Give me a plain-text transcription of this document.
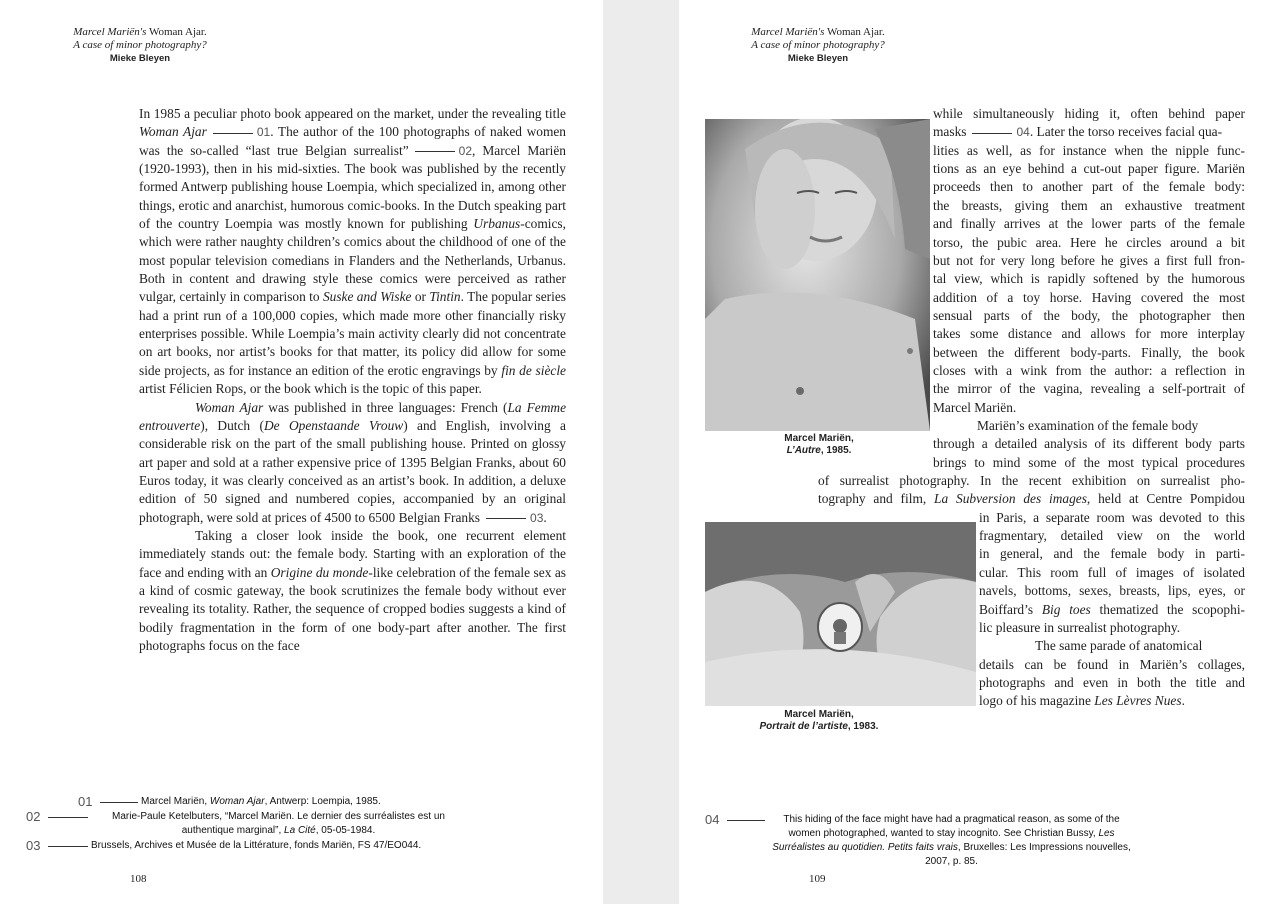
Marcel Mariën's Woman Ajar.
A case of minor photography?
Mieke Bleyen

In 1985 a peculiar photo book appeared on the market, under the revealing title Woman Ajar	01. The author of the 100 photographs of naked women was the so-called “last true Belgian surrealist”	02, Marcel Mariën (1920-1993), then in his mid-sixties. The book was published by the recently formed Antwerp publishing house Loempia, which specialized in, among other things, erotic and anarchist, humorous comic-books. In the Dutch speaking part of the country Loempia was mostly known for publishing Urbanus-comics, which were rather naughty children’s comics about the childhood of one of the most popular television comedians in Flanders and the Netherlands, Urbanus. Both in content and drawing style these comics were perceived as rather vulgar, certainly in comparison to Suske and Wiske or Tintin. The popular series had a print run of a 100,000 copies, which made more other financially risky enterprises possible. While Loempia’s main activity clearly did not concentrate on art books, nor artist’s books for that matter, its policy did allow for some side projects, as for instance an edition of the erotic engravings by fin de siècle artist Félicien Rops, or the book which is the topic of this paper.

Woman Ajar was published in three languages: French (La Femme entrouverte), Dutch (De Openstaande Vrouw) and English, involving a considerable risk on the part of the small publishing house. Printed on glossy art paper and sold at a rather expensive price of 1395 Belgian Franks, about 60 Euros today, it was clearly conceived as an artist’s book. In addition, a deluxe edition of 50 signed and numbered copies, accompanied by an original photograph, were sold at prices of 4500 to 6500 Belgian Franks	03.

Taking a closer look inside the book, one recurrent element immediately stands out: the female body. Starting with an exploration of the face and ending with an Origine du monde-like celebration of the female sex as a kind of cosmic gateway, the book scrutinizes the female body without ever revealing its totality. Rather, the sequence of cropped bodies suggests a kind of bodily fragmentation in the form of one body-part after another. The first photographs focus on the face

01	Marcel Mariën, Woman Ajar, Antwerp: Loempia, 1985.
02	Marie-Paule Ketelbuters, “Marcel Mariën. Le dernier des surréalistes est un authentique marginal”, La Cité, 05-05-1984.
03	Brussels, Archives et Musée de la Littérature, fonds Mariën, FS 47/EO044.
108
Marcel Mariën's Woman Ajar.
A case of minor photography?
Mieke Bleyen
Marcel Mariën,
L’Autre, 1985.
Marcel Mariën,
Portrait de l’artiste, 1983.
while simultaneously hiding it, often behind paper
masks	04. Later the torso receives facial qua-
lities as well, as for instance when the nipple func-
tions as an eye behind a cut-out paper figure. Mariën
proceeds then to another part of the female body:
the breasts, giving them an exhaustive treatment
and finally arrives at the lower parts of the female
torso, the pubic area. Here he circles around a bit
but not for very long before he gives a first full fron-
tal view, which is rapidly softened by the humorous
addition of a toy horse. Having covered the most
sensual parts of the body, the photographer then
takes some distance and allows for more interplay
between the different body-parts. Finally, the book
closes with a wink from the author: a reflection in
the mirror of the vagina, revealing a self-portrait of
Marcel Mariën.
Mariën’s examination of the female body
through a detailed analysis of its different body parts
brings to mind some of the most typical procedures
of surrealist photography. In the recent exhibition on surrealist pho-
tography and film, La Subversion des images, held at Centre Pompidou
in Paris, a separate room was devoted to this
fragmentary, detailed view on the world
in general, and the female body in parti-
cular. This room full of images of isolated
navels, bottoms, sexes, breasts, lips, eyes, or
Boiffard’s Big toes thematized the scopophi-
lic pleasure in surrealist photography.
The same parade of anatomical
details can be found in Mariën’s collages,
photographs and even in both the title and
logo of his magazine Les Lèvres Nues.
04	This hiding of the face might have had a pragmatical reason, as some of the women photographed, wanted to stay incognito. See Christian Bussy, Les Surréalistes au quotidien. Petits faits vrais, Bruxelles: Les Impressions nouvelles, 2007, p. 85.
109
